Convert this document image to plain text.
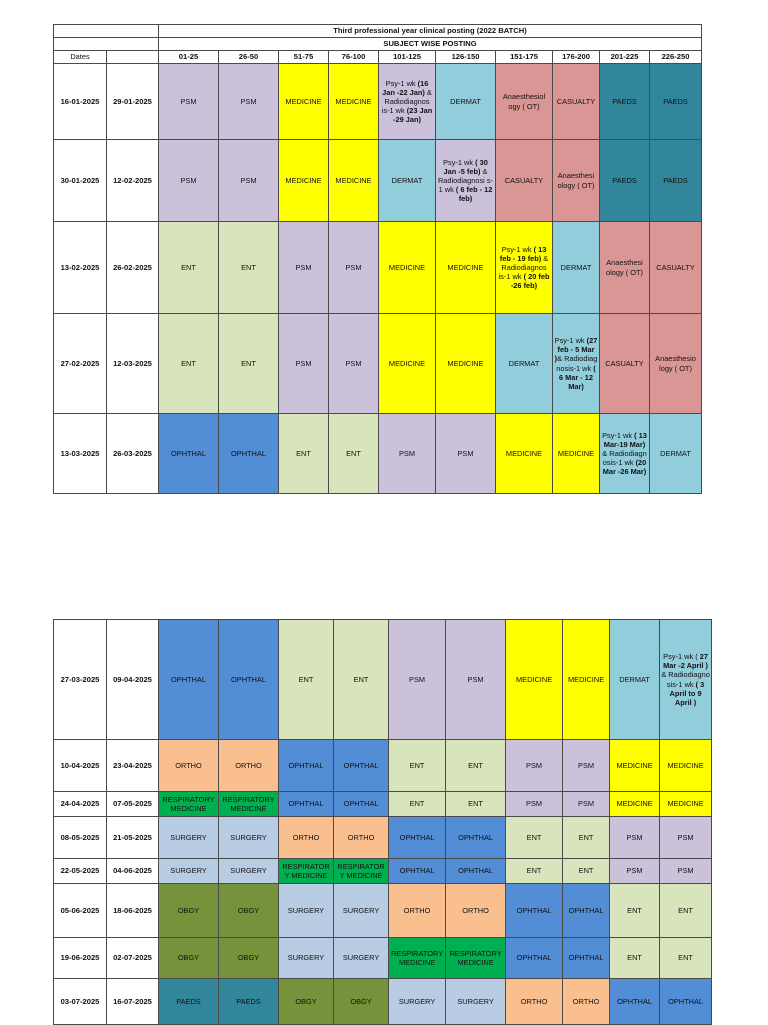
		Third professional year clinical posting (2022 BATCH)									
		SUBJECT WISE POSTING									
Dates		01-25	26-50	51-75	76-100	101-125	126-150	151-175	176-200	201-225	226-250
16-01-2025	29-01-2025	PSM	PSM	MEDICINE	MEDICINE	Psy-1 wk (16 Jan -22 Jan) & Radiodiagnos is-1 wk (23 Jan -29 Jan)	DERMAT	Anaesthesiol ogy ( OT)	CASUALTY	PAEDS	PAEDS
30-01-2025	12-02-2025	PSM	PSM	MEDICINE	MEDICINE	DERMAT	Psy-1 wk ( 30 Jan -5 feb) & Radiodiagnosi s-1 wk ( 6 feb - 12 feb)	CASUALTY	Anaesthesi ology ( OT)	PAEDS	PAEDS
13-02-2025	26-02-2025	ENT	ENT	PSM	PSM	MEDICINE	MEDICINE	Psy-1 wk ( 13 feb - 19 feb) & Radiodiagnos is-1 wk ( 20 feb -26 feb)	DERMAT	Anaesthesi ology ( OT)	CASUALTY
27-02-2025	12-03-2025	ENT	ENT	PSM	PSM	MEDICINE	MEDICINE	DERMAT	Psy-1 wk (27 feb - 5 Mar )& Radiodiag nosis-1 wk ( 6 Mar - 12 Mar)	CASUALTY	Anaesthesio logy ( OT)
13-03-2025	26-03-2025	OPHTHAL	OPHTHAL	ENT	ENT	PSM	PSM	MEDICINE	MEDICINE	Psy-1 wk ( 13 Mar-19 Mar) & Radiodiagn osis-1 wk (20 Mar -26 Mar)	DERMAT
27-03-2025	09-04-2025	OPHTHAL	OPHTHAL	ENT	ENT	PSM	PSM	MEDICINE	MEDICINE	DERMAT	Psy-1 wk ( 27 Mar -2 April ) & Radiodiagno sis-1 wk ( 3 April to 9 April )
10-04-2025	23-04-2025	ORTHO	ORTHO	OPHTHAL	OPHTHAL	ENT	ENT	PSM	PSM	MEDICINE	MEDICINE
24-04-2025	07-05-2025	RESPIRATORY MEDICINE	RESPIRATORY MEDICINE	OPHTHAL	OPHTHAL	ENT	ENT	PSM	PSM	MEDICINE	MEDICINE
08-05-2025	21-05-2025	SURGERY	SURGERY	ORTHO	ORTHO	OPHTHAL	OPHTHAL	ENT	ENT	PSM	PSM
22-05-2025	04-06-2025	SURGERY	SURGERY	RESPIRATORY MEDICINE	RESPIRATORY MEDICINE	OPHTHAL	OPHTHAL	ENT	ENT	PSM	PSM
05-06-2025	18-06-2025	OBGY	OBGY	SURGERY	SURGERY	ORTHO	ORTHO	OPHTHAL	OPHTHAL	ENT	ENT
19-06-2025	02-07-2025	OBGY	OBGY	SURGERY	SURGERY	RESPIRATORY MEDICINE	RESPIRATORY MEDICINE	OPHTHAL	OPHTHAL	ENT	ENT
03-07-2025	16-07-2025	PAEDS	PAEDS	OBGY	OBGY	SURGERY	SURGERY	ORTHO	ORTHO	OPHTHAL	OPHTHAL
